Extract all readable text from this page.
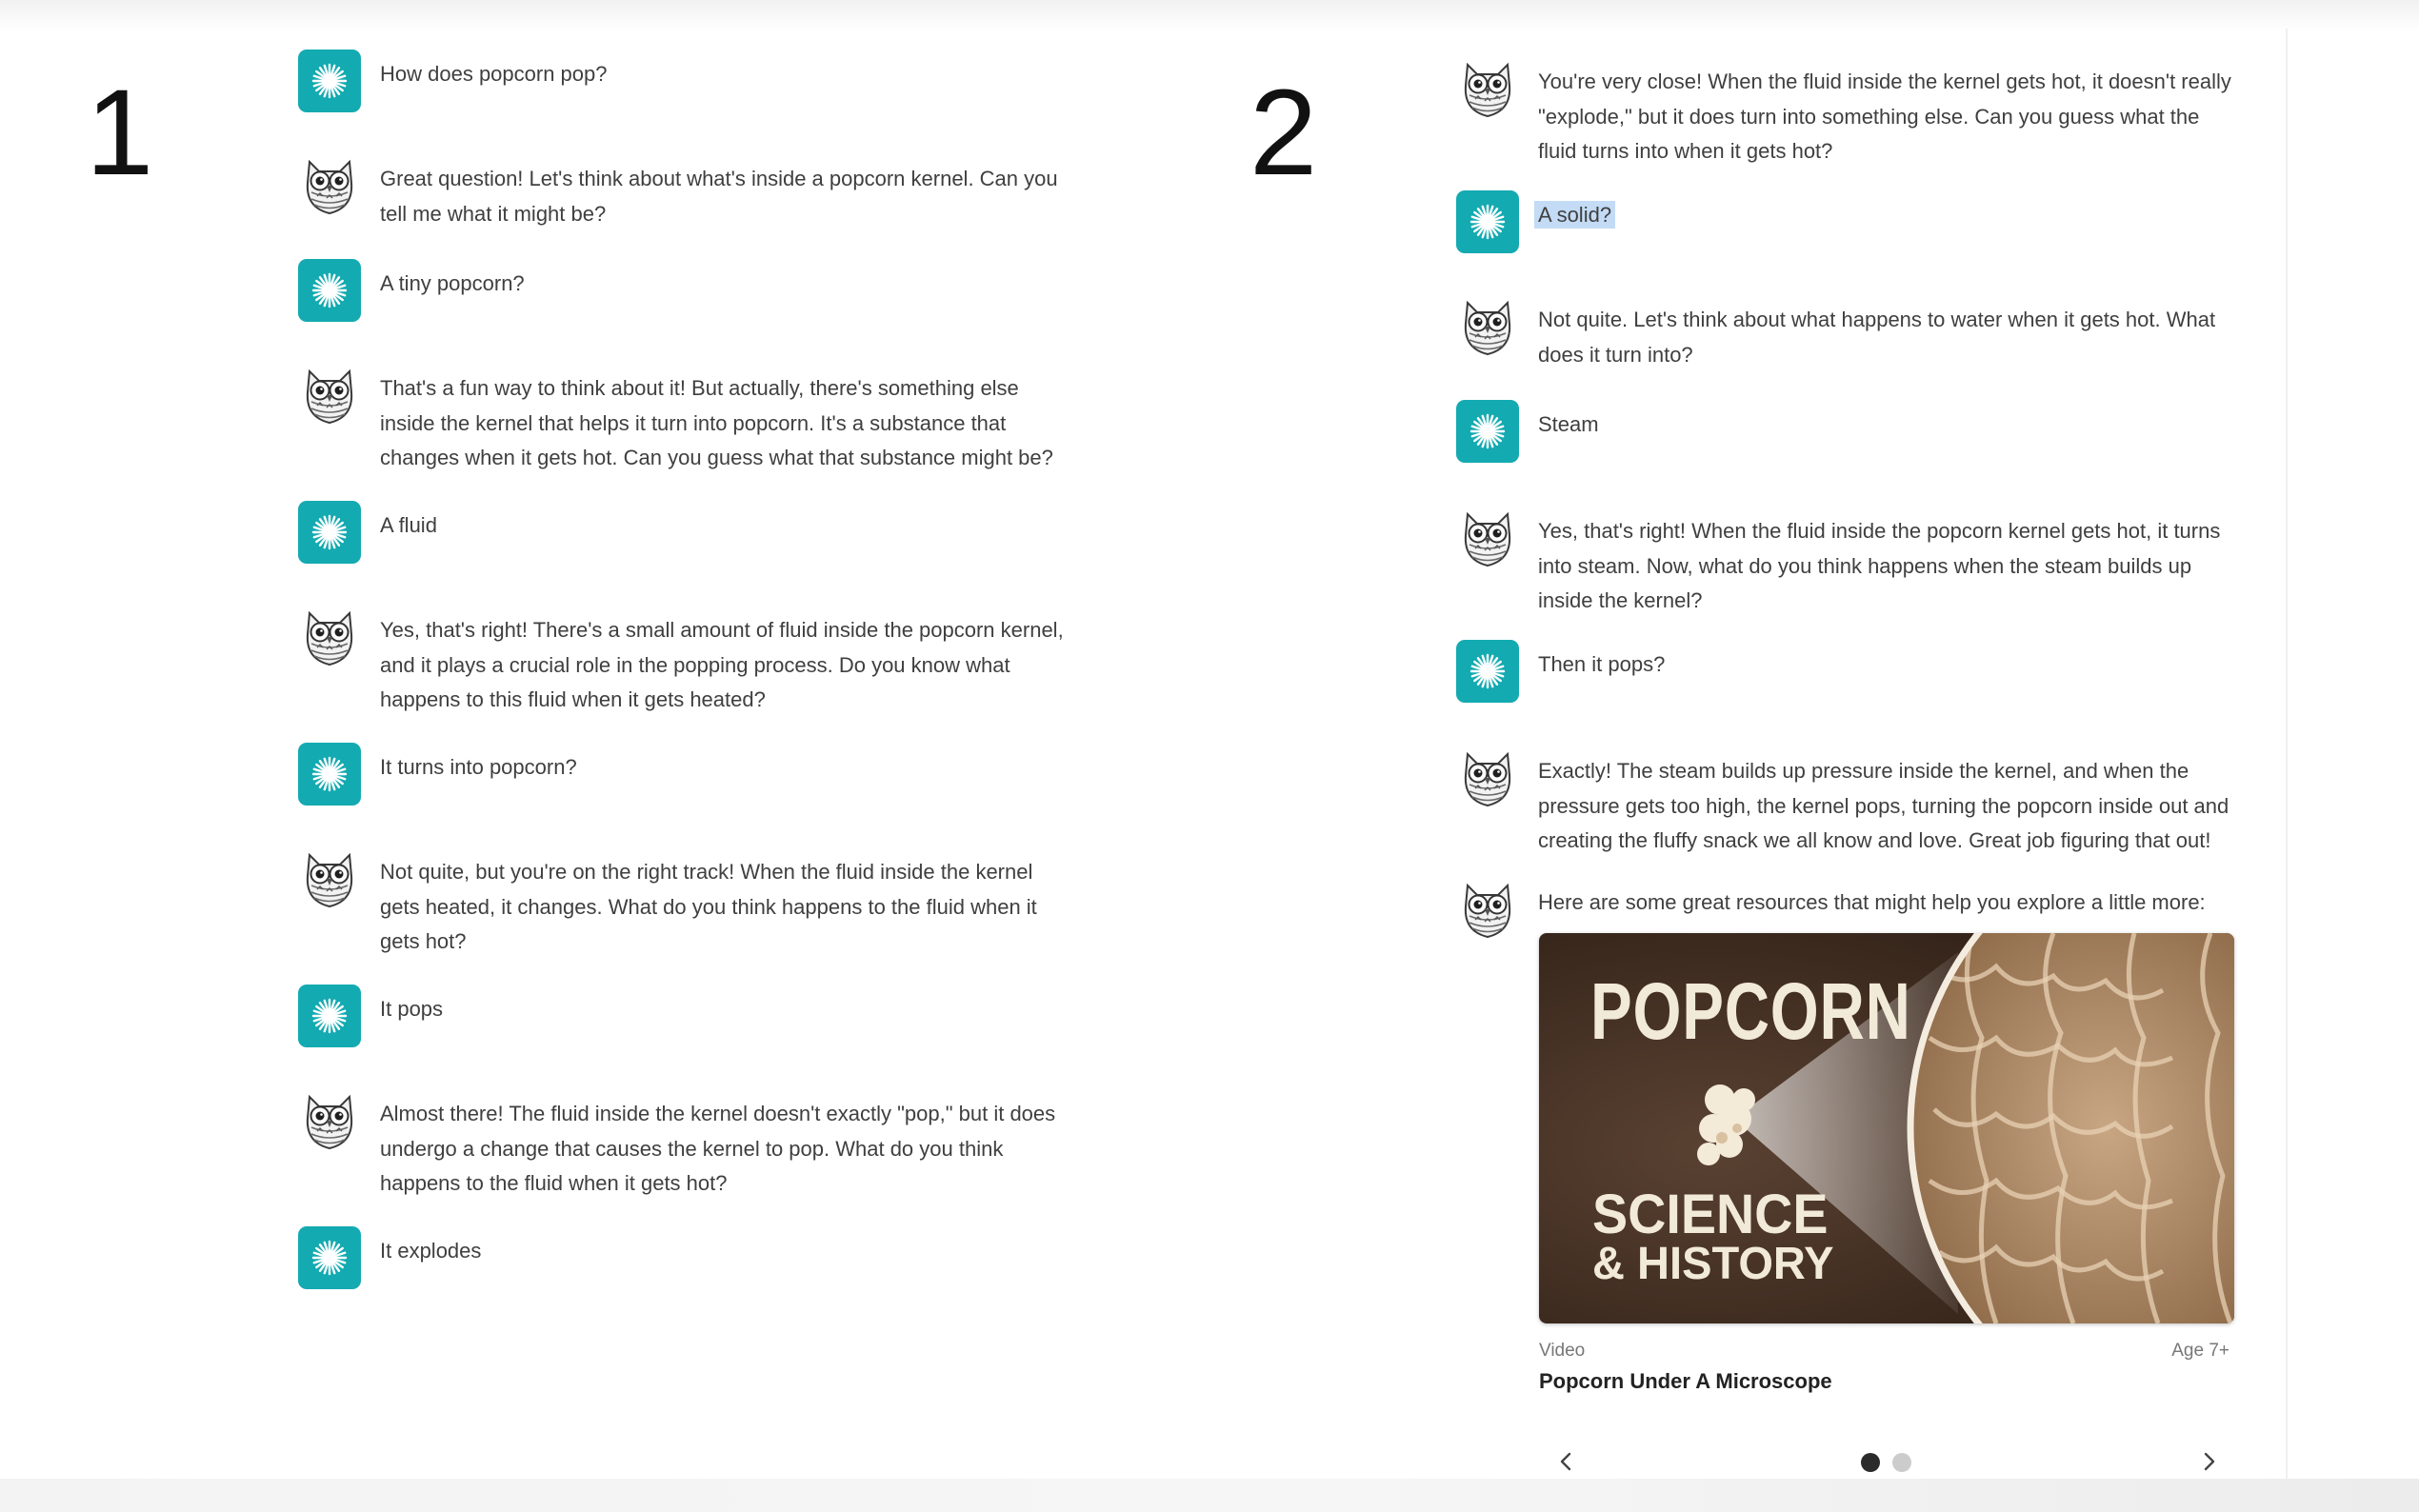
1	2
How does popcorn pop?
Great question! Let's think about what's inside a popcorn kernel. Can you
tell me what it might be?
A tiny popcorn?
That's a fun way to think about it! But actually, there's something else
inside the kernel that helps it turn into popcorn. It's a substance that
changes when it gets hot. Can you guess what that substance might be?
A fluid
Yes, that's right! There's a small amount of fluid inside the popcorn kernel,
and it plays a crucial role in the popping process. Do you know what
happens to this fluid when it gets heated?
It turns into popcorn?
Not quite, but you're on the right track! When the fluid inside the kernel
gets heated, it changes. What do you think happens to the fluid when it
gets hot?
It pops
Almost there! The fluid inside the kernel doesn't exactly "pop," but it does
undergo a change that causes the kernel to pop. What do you think
happens to the fluid when it gets hot?
It explodes
You're very close! When the fluid inside the kernel gets hot, it doesn't really
"explode," but it does turn into something else. Can you guess what the
fluid turns into when it gets hot?
A solid?
Not quite. Let's think about what happens to water when it gets hot. What
does it turn into?
Steam
Yes, that's right! When the fluid inside the popcorn kernel gets hot, it turns
into steam. Now, what do you think happens when the steam builds up
inside the kernel?
Then it pops?
Exactly! The steam builds up pressure inside the kernel, and when the
pressure gets too high, the kernel pops, turning the popcorn inside out and
creating the fluffy snack we all know and love. Great job figuring that out!
Here are some great resources that might help you explore a little more:
POPCORN
SCIENCE
& HISTORY
Video	Age 7+
Popcorn Under A Microscope
